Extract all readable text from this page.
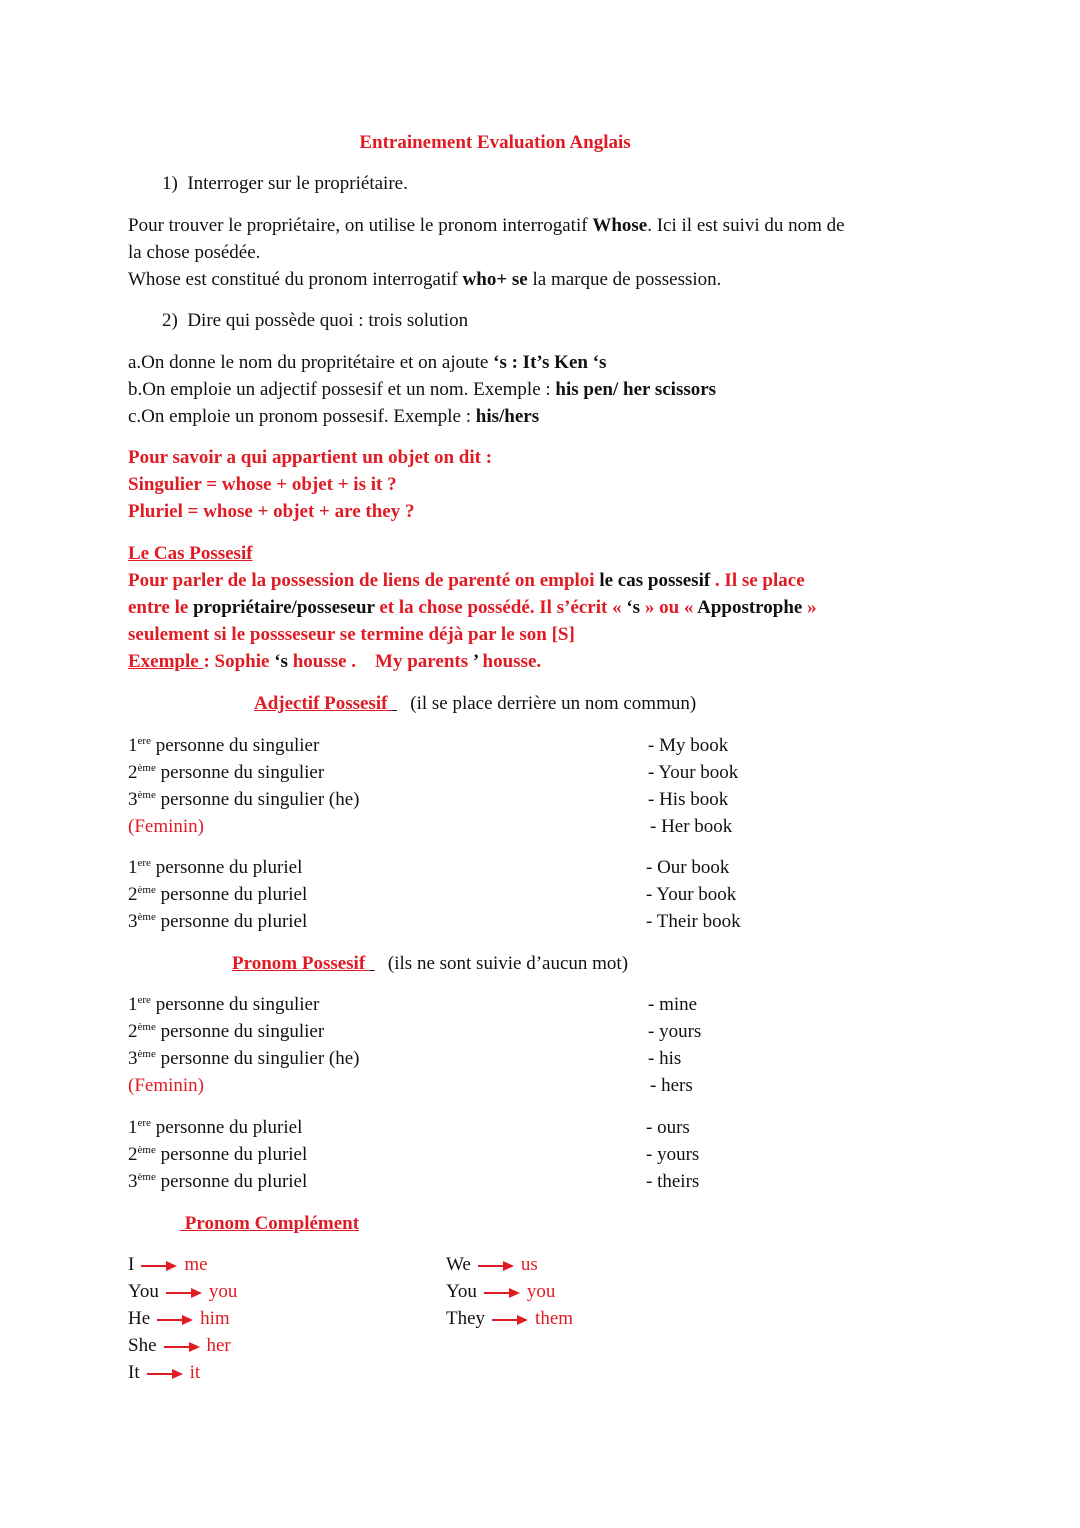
Entrainement Evaluation Anglais
1) Interroger sur le propriétaire.
Pour trouver le propriétaire, on utilise le pronom interrogatif Whose. Ici il est suivi du nom de
la chose posédée.
Whose est constitué du pronom interrogatif who+ se la marque de possession.
2) Dire qui possède quoi : trois solution
a.On donne le nom du propritétaire et on ajoute ‘s : It’s Ken ‘s
b.On emploie un adjectif possesif et un nom. Exemple : his pen/ her scissors
c.On emploie un pronom possesif. Exemple : his/hers
Pour savoir a qui appartient un objet on dit :
Singulier = whose + objet + is it ?
Pluriel = whose + objet + are they ?
Le Cas Possesif
Pour parler de la possession de liens de parenté on emploi le cas possesif . Il se place
entre le propriétaire/posseseur et la chose possédé. Il s’écrit « ‘s » ou « Appostrophe »
seulement si le possseseur se termine déjà par le son [S]
Exemple : Sophie ‘s housse .    My parents ’ housse.
Adjectif Possesif  (il se place derrière un nom commun)
1ere personne du singulier	- My book
2ème personne du singulier	- Your book
3ème personne du singulier (he)	- His book
(Feminin)	- Her book
1ere personne du pluriel	- Our book
2ème personne du pluriel	- Your book
3ème personne du pluriel	- Their book
Pronom Possesif  (ils ne sont suivie d’aucun mot)
1ere personne du singulier	- mine
2ème personne du singulier	- yours
3ème personne du singulier (he)	- his
(Feminin)	- hers
1ere personne du pluriel	- ours
2ème personne du pluriel	- yours
3ème personne du pluriel	- theirs
Pronom Complément
I	me
You	you
He	him
She	her
It	it
We	us
You	you
They	them
